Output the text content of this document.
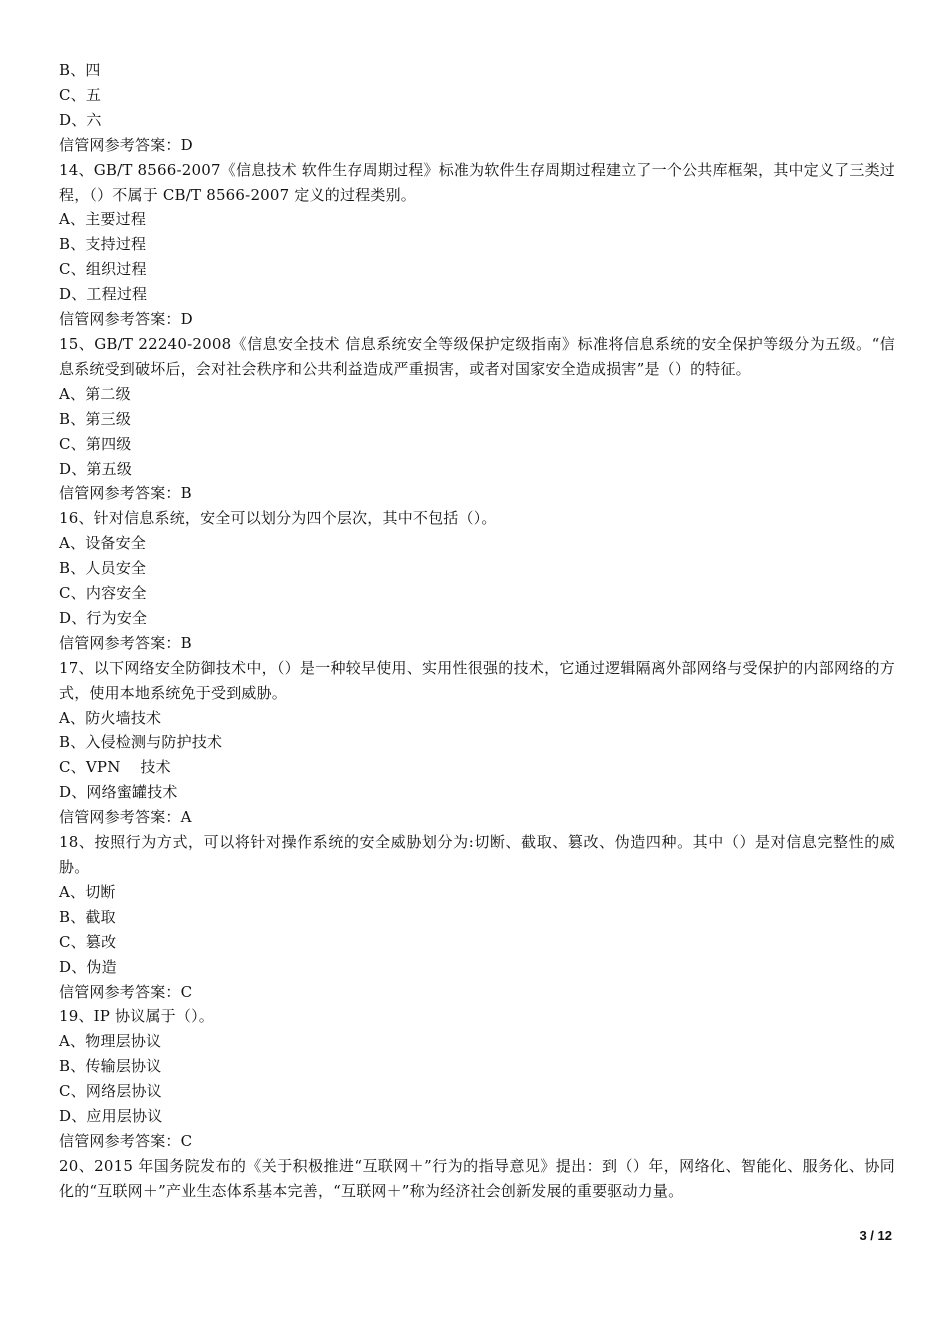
B、四
C、五
D、六
信管网参考答案：D
14、GB/T 8566-2007《信息技术 软件生存周期过程》标准为软件生存周期过程建立了一个公共库框架，其中定义了三类过程，（）不属于 CB/T 8566-2007 定义的过程类别。
A、主要过程
B、支持过程
C、组织过程
D、工程过程
信管网参考答案：D
15、GB/T 22240-2008《信息安全技术 信息系统安全等级保护定级指南》标准将信息系统的安全保护等级分为五级。“信息系统受到破坏后，会对社会秩序和公共利益造成严重损害，或者对国家安全造成损害”是（）的特征。
A、第二级
B、第三级
C、第四级
D、第五级
信管网参考答案：B
16、针对信息系统，安全可以划分为四个层次，其中不包括（）。
A、设备安全
B、人员安全
C、内容安全
D、行为安全
信管网参考答案：B
17、以下网络安全防御技术中，（）是一种较早使用、实用性很强的技术，它通过逻辑隔离外部网络与受保护的内部网络的方式，使用本地系统免于受到威胁。
A、防火墙技术
B、入侵检测与防护技术
C、VPN    技术
D、网络蜜罐技术
信管网参考答案：A
18、按照行为方式，可以将针对操作系统的安全威胁划分为:切断、截取、篡改、伪造四种。其中（）是对信息完整性的威胁。
A、切断
B、截取
C、篡改
D、伪造
信管网参考答案：C
19、IP 协议属于（）。
A、物理层协议
B、传输层协议
C、网络层协议
D、应用层协议
信管网参考答案：C
20、2015 年国务院发布的《关于积极推进“互联网＋”行为的指导意见》提出：到（）年，网络化、智能化、服务化、协同化的“互联网＋”产业生态体系基本完善，“互联网＋”称为经济社会创新发展的重要驱动力量。
3 / 12
